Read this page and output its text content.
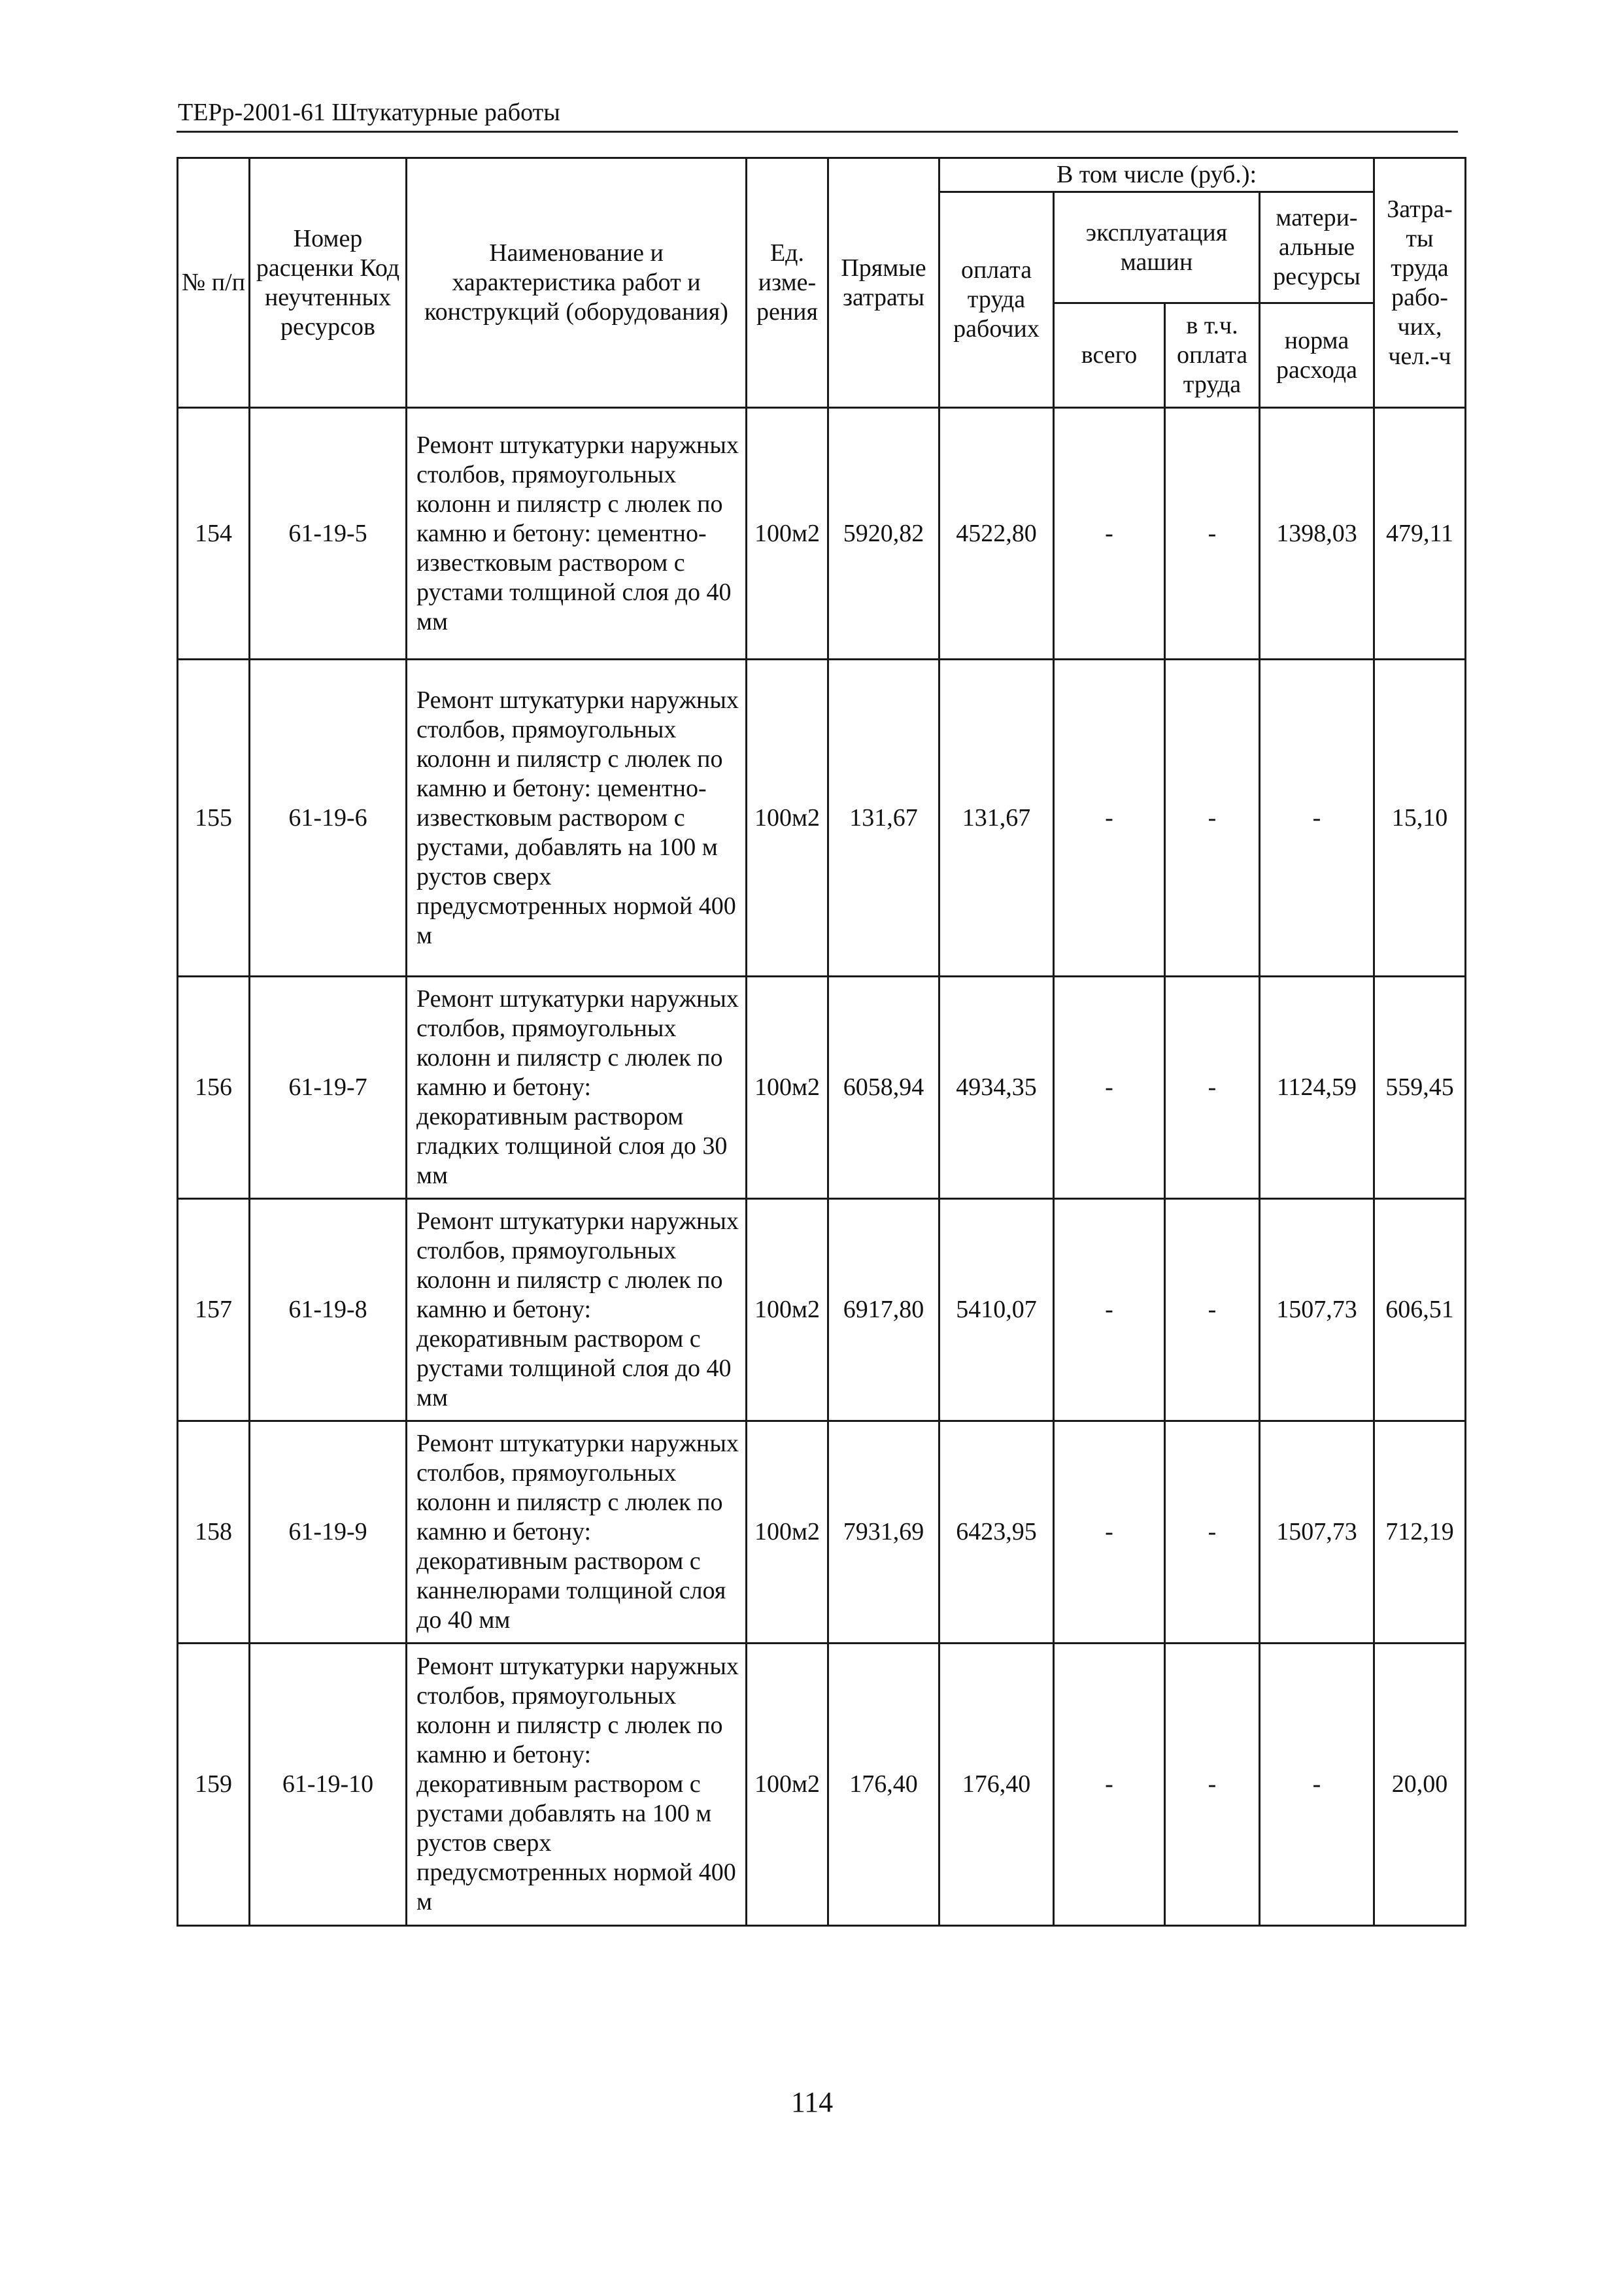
ТЕРр-2001-61 Штукатурные работы
№ п/п	Номер расценки Код неучтенных ресурсов	Наименование и характеристика работ и конструкций (оборудования)	Ед. изме-рения	Прямые затраты	В том числе (руб.):				Затра-ты труда рабо-чих, чел.-ч
					оплата труда рабочих	эксплуатация машин		матери-альные ресурсы	
						всего	в т.ч. оплата труда	норма расхода	
154	61-19-5	Ремонт штукатурки наружных столбов, прямоугольных колонн и пилястр с люлек по камню и бетону: цементно-известковым раствором с рустами толщиной слоя до 40 мм	100м2	5920,82	4522,80	-	-	1398,03	479,11
155	61-19-6	Ремонт штукатурки наружных столбов, прямоугольных колонн и пилястр с люлек по камню и бетону: цементно-известковым раствором с рустами, добавлять на 100 м рустов сверх предусмотренных нормой 400 м	100м2	131,67	131,67	-	-	-	15,10
156	61-19-7	Ремонт штукатурки наружных столбов, прямоугольных колонн и пилястр с люлек по камню и бетону: декоративным раствором гладких толщиной слоя до 30 мм	100м2	6058,94	4934,35	-	-	1124,59	559,45
157	61-19-8	Ремонт штукатурки наружных столбов, прямоугольных колонн и пилястр с люлек по камню и бетону: декоративным раствором с рустами толщиной слоя до 40 мм	100м2	6917,80	5410,07	-	-	1507,73	606,51
158	61-19-9	Ремонт штукатурки наружных столбов, прямоугольных колонн и пилястр с люлек по камню и бетону: декоративным раствором с каннелюрами толщиной слоя до 40 мм	100м2	7931,69	6423,95	-	-	1507,73	712,19
159	61-19-10	Ремонт штукатурки наружных столбов, прямоугольных колонн и пилястр с люлек по камню и бетону: декоративным раствором с рустами добавлять на 100 м рустов сверх предусмотренных нормой 400 м	100м2	176,40	176,40	-	-	-	20,00
114
